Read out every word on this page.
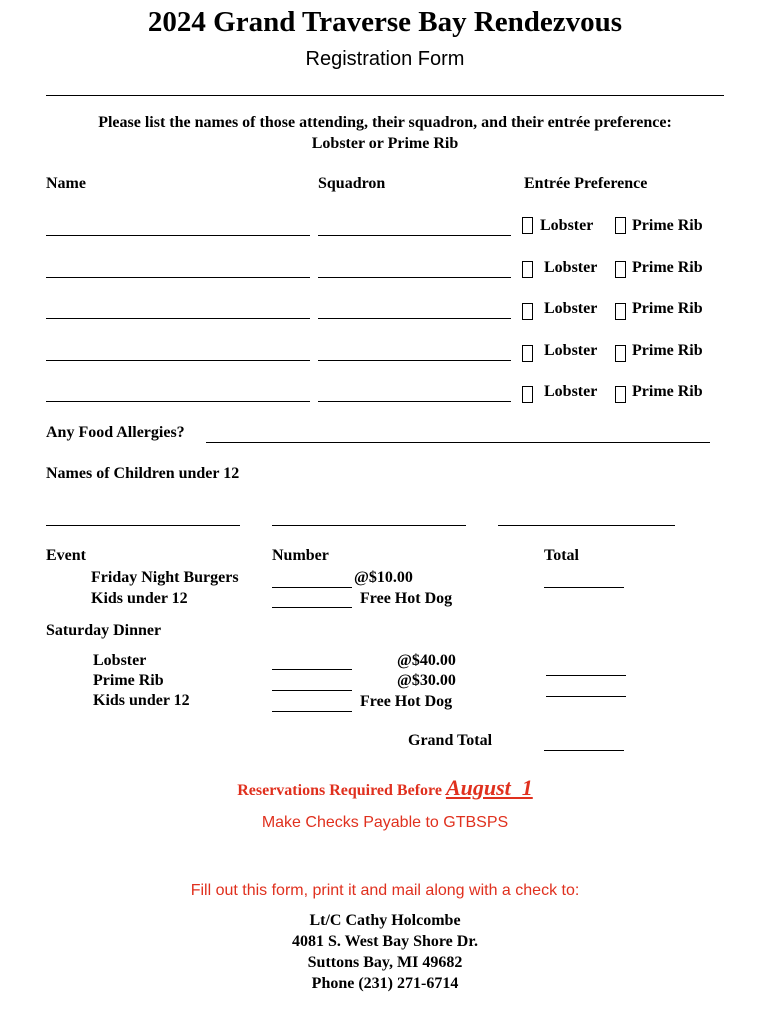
2024 Grand Traverse Bay Rendezvous
Registration Form
Please list the names of those attending, their squadron, and their entrée preference:
Lobster or Prime Rib
Name	Squadron	Entrée Preference
Lobster Prime Rib
Lobster Prime Rib
Lobster Prime Rib
Lobster Prime Rib
Lobster Prime Rib
Any Food Allergies?
Names of Children under 12
Event	Number	Total
Friday Night Burgers	@$10.00
Kids under 12	Free Hot Dog
Saturday Dinner
Lobster	@$40.00
Prime Rib	@$30.00
Kids under 12	Free Hot Dog
Grand Total
Reservations Required Before August  1
Make Checks Payable to GTBSPS
Fill out this form, print it and mail along with a check to:
Lt/C Cathy Holcombe
4081 S. West Bay Shore Dr.
Suttons Bay, MI 49682
Phone (231) 271-6714
